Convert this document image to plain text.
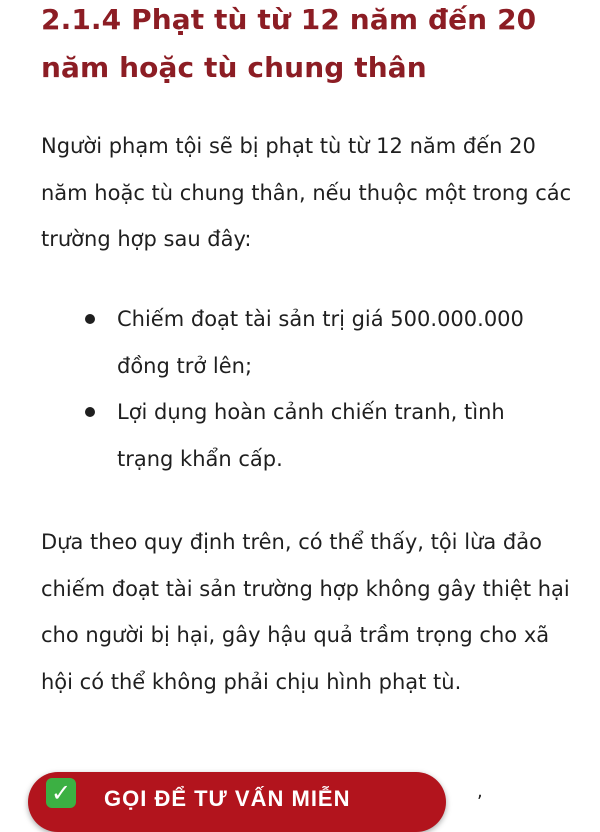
2.1.4 Phạt tù từ 12 năm đến 20 năm hoặc tù chung thân

Người phạm tội sẽ bị phạt tù từ 12 năm đến 20 năm hoặc tù chung thân, nếu thuộc một trong các trường hợp sau đây:

Chiếm đoạt tài sản trị giá 500.000.000 đồng trở lên;
Lợi dụng hoàn cảnh chiến tranh, tình trạng khẩn cấp.

Dựa theo quy định trên, có thể thấy, tội lừa đảo chiếm đoạt tài sản trường hợp không gây thiệt hại cho người bị hại, gây hậu quả trầm trọng cho xã hội có thể không phải chịu hình phạt tù.

✓ GỌI ĐỂ TƯ VẤN MIỄN	,
